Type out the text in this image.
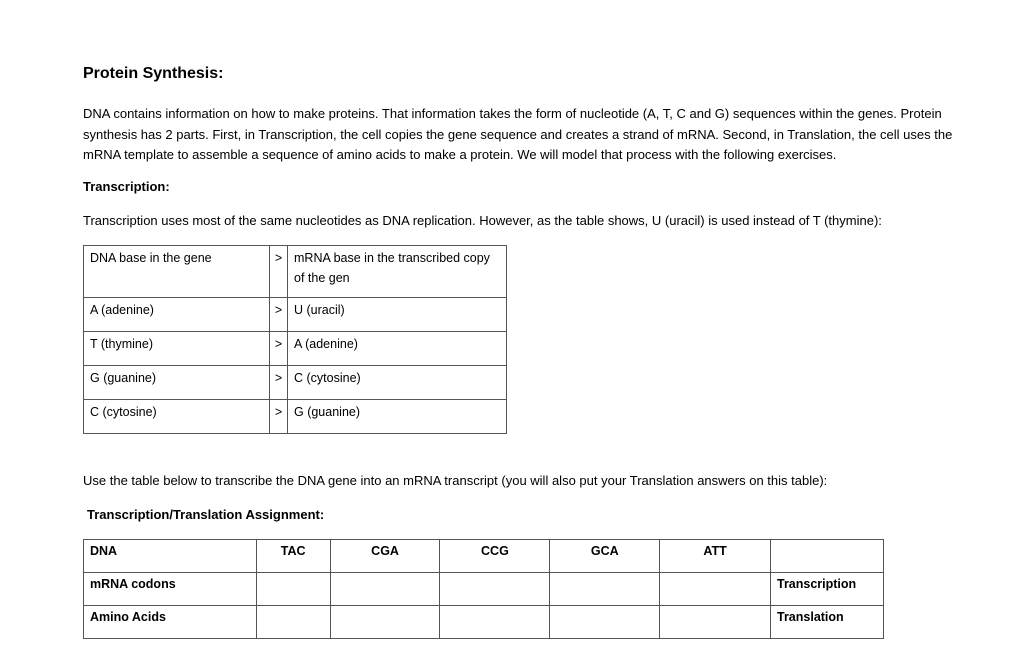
Protein Synthesis:

DNA contains information on how to make proteins. That information takes the form of nucleotide (A, T, C and G) sequences within the genes. Protein synthesis has 2 parts. First, in Transcription, the cell copies the gene sequence and creates a strand of mRNA. Second, in Translation, the cell uses the mRNA template to assemble a sequence of amino acids to make a protein. We will model that process with the following exercises.

Transcription:

Transcription uses most of the same nucleotides as DNA replication. However, as the table shows, U (uracil) is used instead of T (thymine):

DNA base in the gene	>	mRNA base in the transcribed copy of the gen
A (adenine)	>	U (uracil)
T (thymine)	>	A (adenine)
G (guanine)	>	C (cytosine)
C (cytosine)	>	G (guanine)

Use the table below to transcribe the DNA gene into an mRNA transcript (you will also put your Translation answers on this table):

Transcription/Translation Assignment:

DNA	TAC	CGA	CCG	GCA	ATT	
mRNA codons						Transcription
Amino Acids						Translation
